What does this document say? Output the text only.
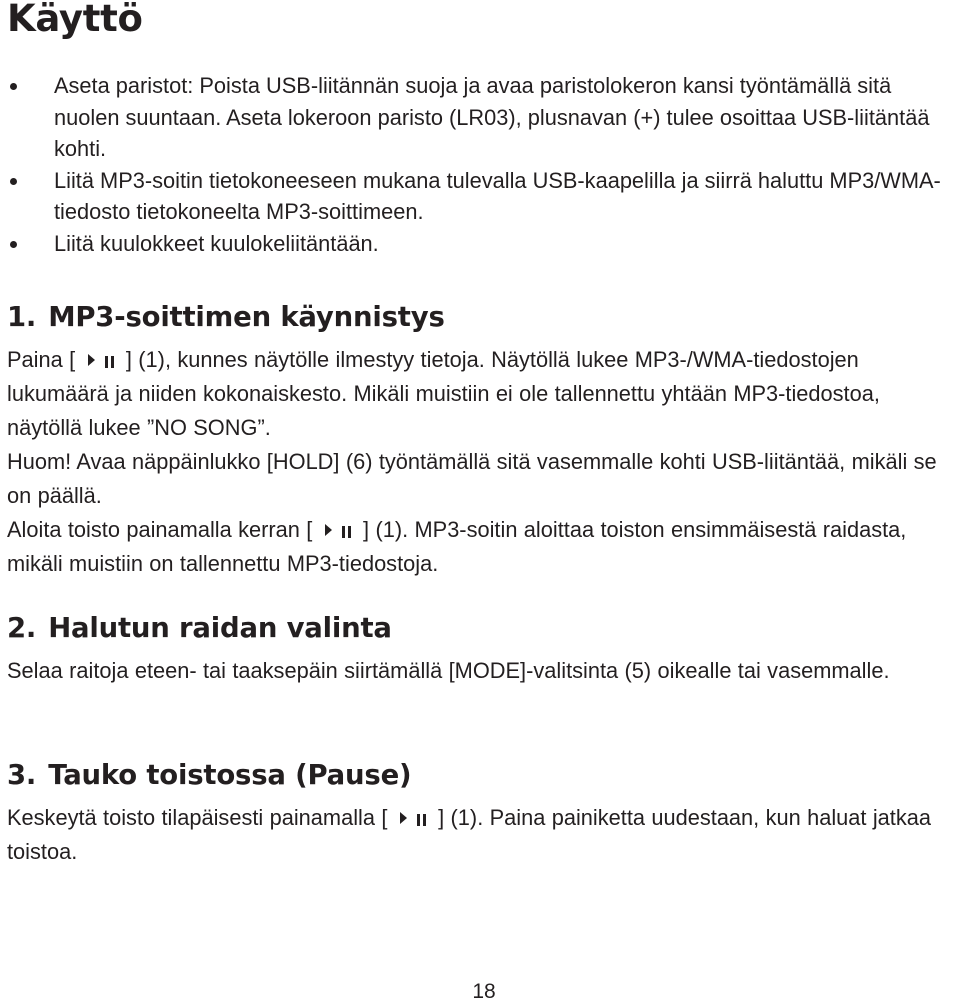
Käyttö
Aseta paristot: Poista USB-liitännän suoja ja avaa paristolokeron kansi työntämällä sitä nuolen suuntaan. Aseta lokeroon paristo (LR03), plusnavan (+) tulee osoittaa USB-liitäntää kohti.
Liitä MP3-soitin tietokoneeseen mukana tulevalla USB-kaapelilla ja siirrä haluttu MP3/WMA-tiedosto tietokoneelta MP3-soittimeen.
Liitä kuulokkeet kuulokeliitäntään.
1. MP3-soittimen käynnistys

Paina [ ] (1), kunnes näytölle ilmestyy tietoja. Näytöllä lukee MP3-/WMA-tiedostojen lukumäärä ja niiden kokonaiskesto. Mikäli muistiin ei ole tallennettu yhtään MP3-tiedostoa, näytöllä lukee ”NO SONG”.

Huom! Avaa näppäinlukko [HOLD] (6) työntämällä sitä vasemmalle kohti USB-liitäntää, mikäli se on päällä.

Aloita toisto painamalla kerran [ ] (1). MP3-soitin aloittaa toiston ensimmäisestä raidasta, mikäli muistiin on tallennettu MP3-tiedostoja.

2. Halutun raidan valinta

Selaa raitoja eteen- tai taaksepäin siirtämällä [MODE]-valitsinta (5) oikealle tai vasemmalle.

3. Tauko toistossa (Pause)

Keskeytä toisto tilapäisesti painamalla [ ] (1). Paina painiketta uudestaan, kun haluat jatkaa toistoa.

18
